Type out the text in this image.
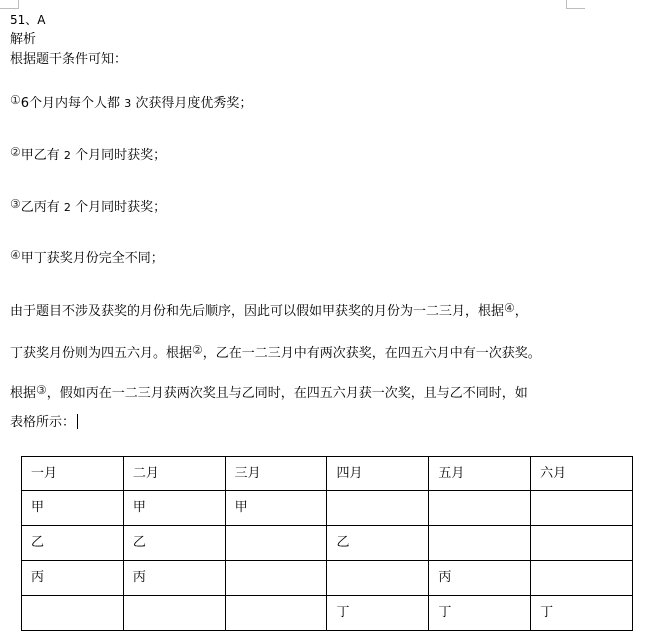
51、A
解析
根据题干条件可知：
①6个月内每个人都 3 次获得月度优秀奖；
②甲乙有 2 个月同时获奖；
③乙丙有 2 个月同时获奖；
④甲丁获奖月份完全不同；
由于题目不涉及获奖的月份和先后顺序，因此可以假如甲获奖的月份为一二三月，根据④，
丁获奖月份则为四五六月。根据②，乙在一二三月中有两次获奖，在四五六月中有一次获奖。
根据③，假如丙在一二三月获两次奖且与乙同时，在四五六月获一次奖，且与乙不同时，如
表格所示：
一月	二月	三月	四月	五月	六月
甲	甲	甲			
乙	乙		乙		
丙	丙			丙	
			丁	丁	丁
